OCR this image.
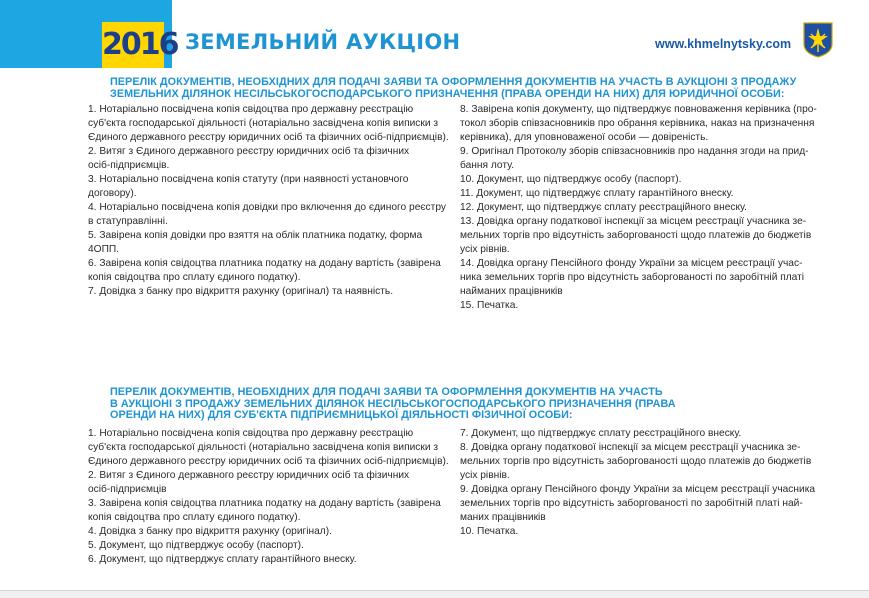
2016 ЗЕМЕЛЬНИЙ АУКЦІОН	www.khmelnytsky.com
ПЕРЕЛІК ДОКУМЕНТІВ, НЕОБХІДНИХ ДЛЯ ПОДАЧІ ЗАЯВИ ТА ОФОРМЛЕННЯ ДОКУМЕНТІВ НА УЧАСТЬ В АУКЦІОНІ З ПРОДАЖУ
ЗЕМЕЛЬНИХ ДІЛЯНОК НЕСІЛЬСЬКОГОСПОДАРСЬКОГО ПРИЗНАЧЕННЯ (ПРАВА ОРЕНДИ НА НИХ) ДЛЯ ЮРИДИЧНОЇ ОСОБИ:
1. Нотаріально посвідчена копія свідоцтва про державну реєстрацію
суб'єкта господарської діяльності (нотаріально засвідчена копія виписки з
Єдиного державного реєстру юридичних осіб та фізичних осіб-підприємців).
2. Витяг з Єдиного державного реєстру юридичних осіб та фізичних
осіб-підприємців.
3. Нотаріально посвідчена копія статуту (при наявності установчого
договору).
4. Нотаріально посвідчена копія довідки про включення до єдиного реєстру
в статуправлінні.
5. Завірена копія довідки про взяття на облік платника податку, форма
4ОПП.
6. Завірена копія свідоцтва платника податку на додану вартість (завірена
копія свідоцтва про сплату єдиного податку).
7. Довідка з банку про відкриття рахунку (оригінал) та наявність.
8. Завірена копія документу, що підтверджує повноваження керівника (про-
токол зборів співзасновників про обрання керівника, наказ на призначення
керівника), для уповноваженої особи — довіреність.
9. Оригінал Протоколу зборів співзасновників про надання згоди на прид-
бання лоту.
10. Документ, що підтверджує особу (паспорт).
11. Документ, що підтверджує сплату гарантійного внеску.
12. Документ, що підтверджує сплату реєстраційного внеску.
13. Довідка органу податкової інспекції за місцем реєстрації учасника зе-
мельних торгів про відсутність заборгованості щодо платежів до бюджетів
усіх рівнів.
14. Довідка органу Пенсійного фонду України за місцем реєстрації учас-
ника земельних торгів про відсутність заборгованості по заробітній платі
найманих працівників
15. Печатка.
ПЕРЕЛІК ДОКУМЕНТІВ, НЕОБХІДНИХ ДЛЯ ПОДАЧІ ЗАЯВИ ТА ОФОРМЛЕННЯ ДОКУМЕНТІВ НА УЧАСТЬ
В АУКЦІОНІ З ПРОДАЖУ ЗЕМЕЛЬНИХ ДІЛЯНОК НЕСІЛЬСЬКОГОСПОДАРСЬКОГО ПРИЗНАЧЕННЯ (ПРАВА
ОРЕНДИ НА НИХ) ДЛЯ СУБ'ЄКТА ПІДПРИЄМНИЦЬКОЇ ДІЯЛЬНОСТІ ФІЗИЧНОЇ ОСОБИ:
1. Нотаріально посвідчена копія свідоцтва про державну реєстрацію
суб'єкта господарської діяльності (нотаріально засвідчена копія виписки з
Єдиного державного реєстру юридичних осіб та фізичних осіб-підприємців).
2. Витяг з Єдиного державного реєстру юридичних осіб та фізичних
осіб-підприємців
3. Завірена копія свідоцтва платника податку на додану вартість (завірена
копія свідоцтва про сплату єдиного податку).
4. Довідка з банку про відкриття рахунку (оригінал).
5. Документ, що підтверджує особу (паспорт).
6. Документ, що підтверджує сплату гарантійного внеску.
7. Документ, що підтверджує сплату реєстраційного внеску.
8. Довідка органу податкової інспекції за місцем реєстрації учасника зе-
мельних торгів про відсутність заборгованості щодо платежів до бюджетів
усіх рівнів.
9. Довідка органу Пенсійного фонду України за місцем реєстрації учасника
земельних торгів про відсутність заборгованості по заробітній платі най-
маних працівників
10. Печатка.
